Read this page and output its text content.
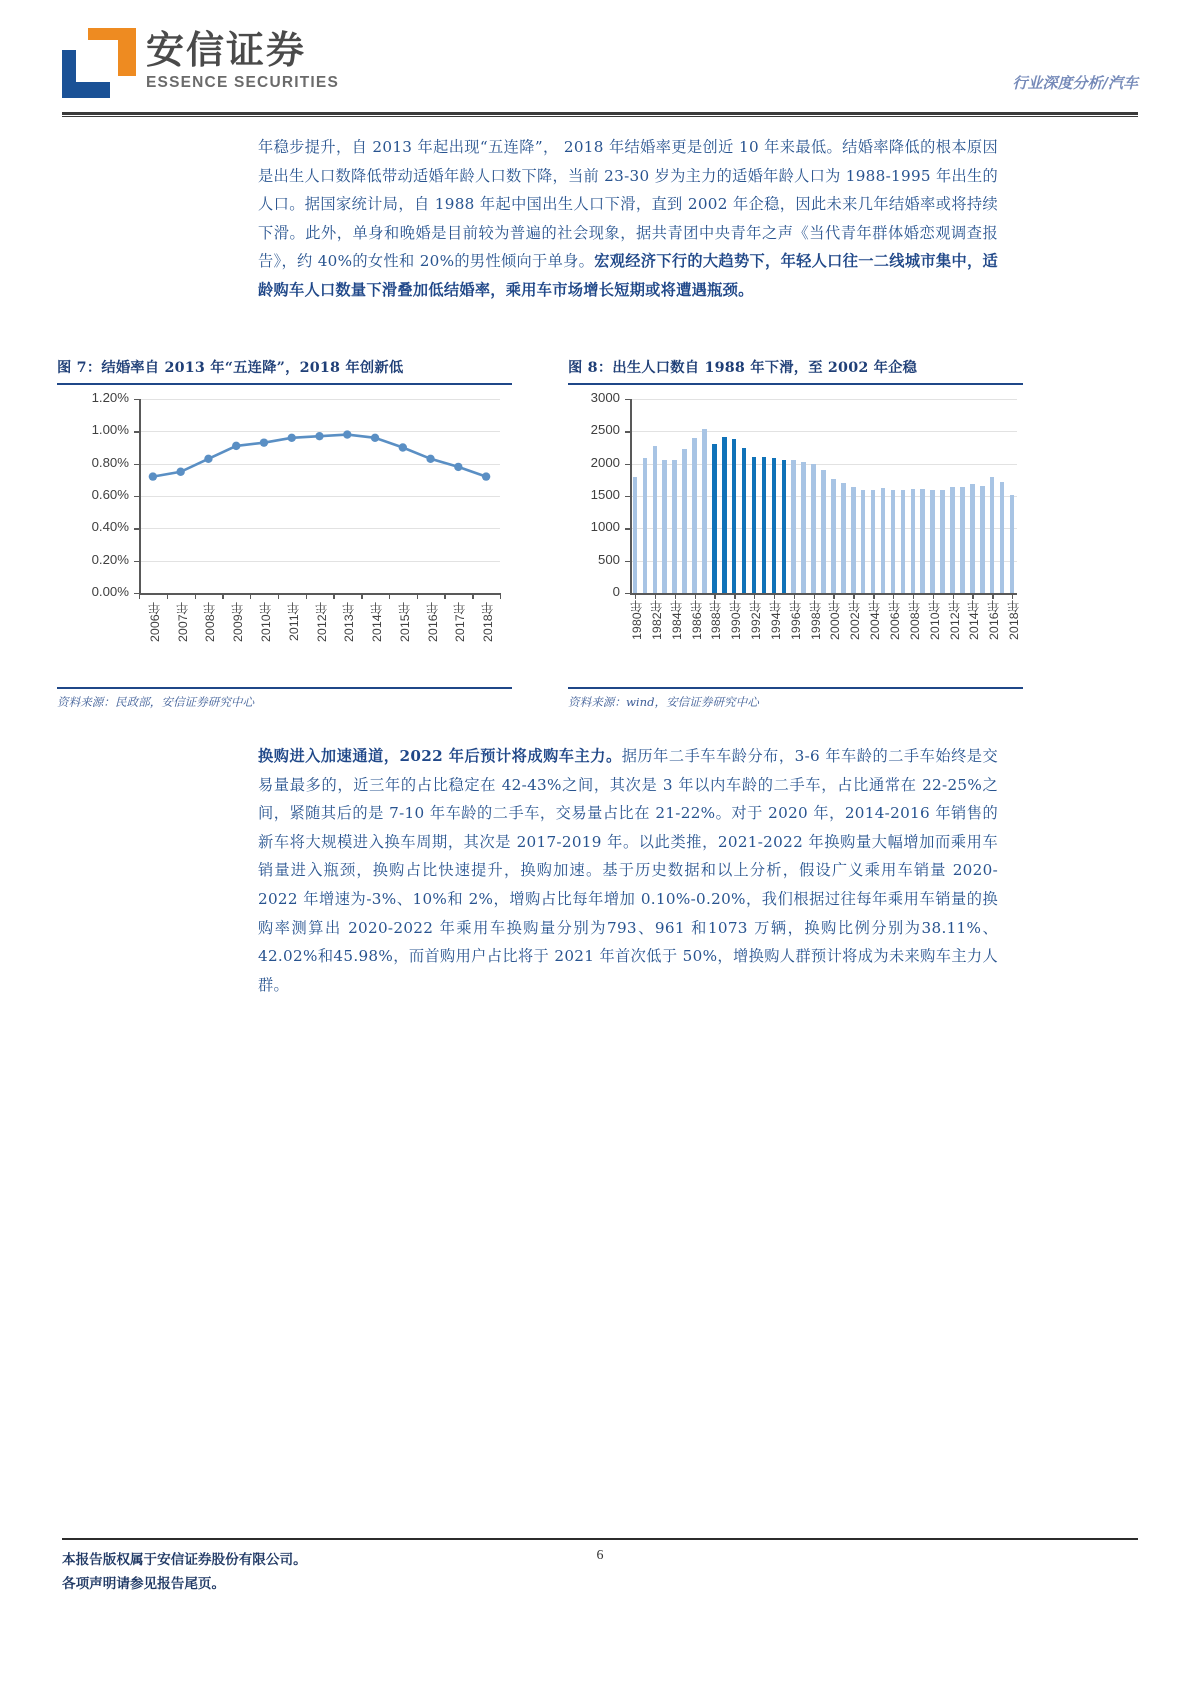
安信证券
ESSENCE SECURITIES	行业深度分析/汽车
年稳步提升，自 2013 年起出现“五连降”， 2018 年结婚率更是创近 10 年来最低。结婚率降低的根本原因是出生人口数降低带动适婚年龄人口数下降，当前 23-30 岁为主力的适婚年龄人口为 1988-1995 年出生的人口。据国家统计局，自 1988 年起中国出生人口下滑，直到 2002 年企稳，因此未来几年结婚率或将持续下滑。此外，单身和晚婚是目前较为普遍的社会现象，据共青团中央青年之声《当代青年群体婚恋观调查报告》，约 40%的女性和 20%的男性倾向于单身。宏观经济下行的大趋势下，年轻人口往一二线城市集中，适龄购车人口数量下滑叠加低结婚率，乘用车市场增长短期或将遭遇瓶颈。
图 7：结婚率自 2013 年“五连降”，2018 年创新低
0.00%
0.20%
0.40%
0.60%
0.80%
1.00%
1.20%
2006年 2007年 2008年 2009年 2010年 2011年 2012年 2013年 2014年 2015年 2016年 2017年 2018年
资料来源：民政部，安信证券研究中心
图 8：出生人口数自 1988 年下滑，至 2002 年企稳
0
500
1000
1500
2000
2500
3000
1980年 1982年 1984年 1986年 1988年 1990年 1992年 1994年 1996年 1998年 2000年 2002年 2004年 2006年 2008年 2010年 2012年 2014年 2016年 2018年
资料来源：wind，安信证券研究中心
换购进入加速通道，2022 年后预计将成购车主力。据历年二手车车龄分布，3-6 年车龄的二手车始终是交易量最多的，近三年的占比稳定在 42-43%之间，其次是 3 年以内车龄的二手车，占比通常在 22-25%之间，紧随其后的是 7-10 年车龄的二手车，交易量占比在 21-22%。对于 2020 年，2014-2016 年销售的新车将大规模进入换车周期，其次是 2017-2019 年。以此类推，2021-2022 年换购量大幅增加而乘用车销量进入瓶颈，换购占比快速提升，换购加速。基于历史数据和以上分析，假设广义乘用车销量 2020-2022 年增速为-3%、10%和 2%，增购占比每年增加 0.10%-0.20%，我们根据过往每年乘用车销量的换购率测算出 2020-2022 年乘用车换购量分别为793、961 和1073 万辆，换购比例分别为38.11%、42.02%和45.98%，而首购用户占比将于 2021 年首次低于 50%，增换购人群预计将成为未来购车主力人群。
本报告版权属于安信证券股份有限公司。
各项声明请参见报告尾页。
6
